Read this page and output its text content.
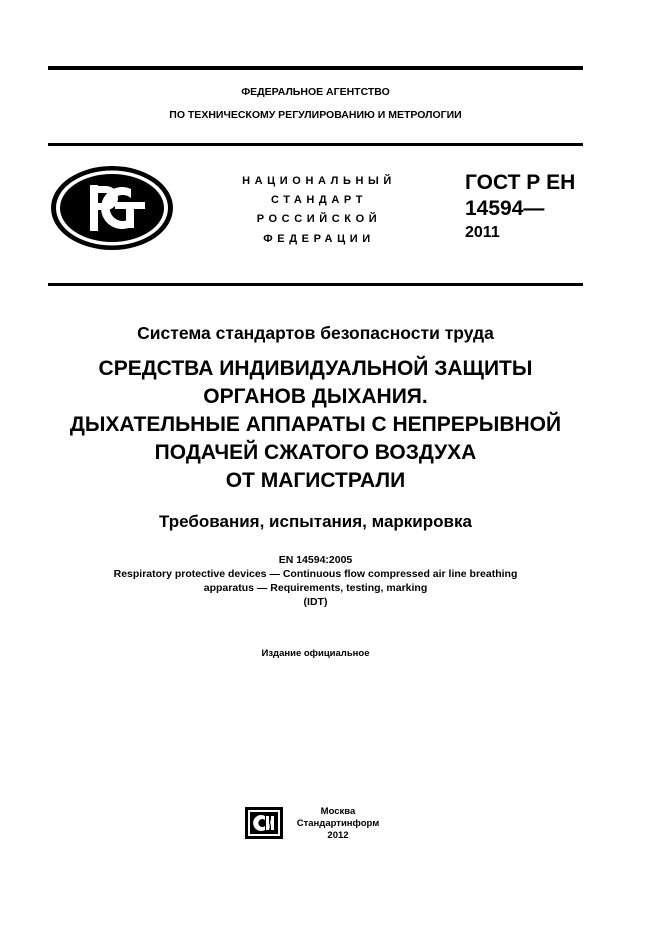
ФЕДЕРАЛЬНОЕ АГЕНТСТВО
ПО ТЕХНИЧЕСКОМУ РЕГУЛИРОВАНИЮ И МЕТРОЛОГИИ
НАЦИОНАЛЬНЫЙ
СТАНДАРТ
РОССИЙСКОЙ
ФЕДЕРАЦИИ
ГОСТ Р ЕН
14594—
2011
Система стандартов безопасности труда
СРЕДСТВА ИНДИВИДУАЛЬНОЙ ЗАЩИТЫ
ОРГАНОВ ДЫХАНИЯ.
ДЫХАТЕЛЬНЫЕ АППАРАТЫ С НЕПРЕРЫВНОЙ
ПОДАЧЕЙ СЖАТОГО ВОЗДУХА
ОТ МАГИСТРАЛИ
Требования, испытания, маркировка
EN 14594:2005
Respiratory protective devices — Continuous flow compressed air line breathing
apparatus — Requirements, testing, marking
(IDT)
Издание официальное
Москва
Стандартинформ
2012
